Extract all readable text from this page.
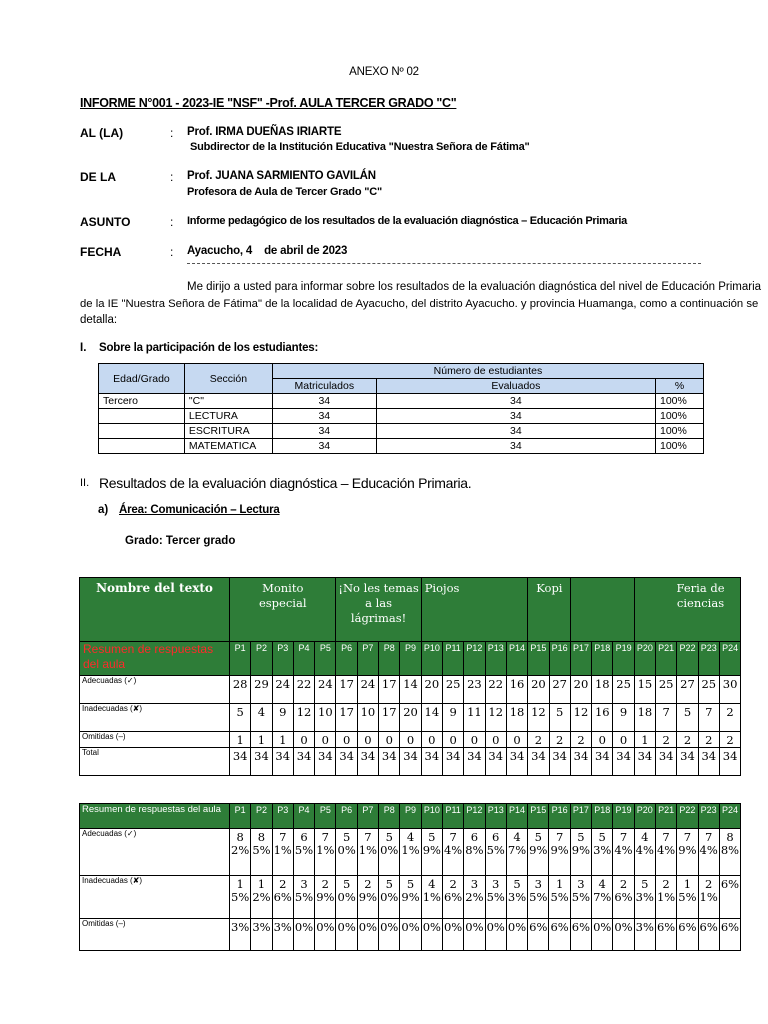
ANEXO Nº 02
INFORME N°001 - 2023-IE "NSF" -Prof. AULA TERCER GRADO "C"
AL (LA)	: Prof. IRMA DUEÑAS IRIARTE
Subdirector de la Institución Educativa "Nuestra Señora de Fátima"
DE LA	: Prof. JUANA SARMIENTO GAVILÁN
Profesora de Aula de Tercer Grado "C"
ASUNTO	: Informe pedagógico de los resultados de la evaluación diagnóstica – Educación Primaria
FECHA	: Ayacucho, 4    de abril de 2023
Me dirijo a usted para informar sobre los resultados de la evaluación diagnóstica del nivel de Educación Primaria
de la IE "Nuestra Señora de Fátima" de la localidad de Ayacucho, del distrito Ayacucho. y provincia Huamanga, como a continuación se
detalla:
I. Sobre la participación de los estudiantes:
Edad/Grado	Sección	Número de estudiantes		
		Matriculados	Evaluados	%
Tercero	"C"	34	34	100%
	LECTURA	34	34	100%
	ESCRITURA	34	34	100%
	MATEMATICA	34	34	100%
II. Resultados de la evaluación diagnóstica – Educación Primaria.
a) Área: Comunicación – Lectura
Grado: Tercer grado
Nombre del texto	Monito especial					¡No les temas a las lágrimas!				Piojos					Kopi					Feria de ciencias				
Resumen de respuestas del aula	P1	P2	P3	P4	P5	P6	P7	P8	P9	P10	P11	P12	P13	P14	P15	P16	P17	P18	P19	P20	P21	P22	P23	P24

Adecuadas (✓)	28	29	24	22	24	17	24	17	14	20	25	23	22	16	20	27	20	18	25	15	25	27	25	30

Inadecuadas (✘)	5	4	9	12	10	17	10	17	20	14	9	11	12	18	12	5	12	16	9	18	7	5	7	2

Omitidas (–)	1	1	1	0	0	0	0	0	0	0	0	0	0	0	2	2	2	0	0	1	2	2	2	2

Total	34	34	34	34	34	34	34	34	34	34	34	34	34	34	34	34	34	34	34	34	34	34	34	34
Resumen de respuestas del aula	P1	P2	P3	P4	P5	P6	P7	P8	P9	P10	P11	P12	P13	P14	P15	P16	P17	P18	P19	P20	P21	P22	P23	P24

Adecuadas (✓)	82%	85%	71%	65%	71%	50%	71%	50%	41%	59%	74%	68%	65%	47%	59%	79%	59%	53%	74%	44%	74%	79%	74%	88%

Inadecuadas (✘)	15%	12%	26%	35%	29%	50%	29%	50%	59%	41%	26%	32%	35%	53%	35%	15%	35%	47%	26%	53%	21%	15%	21%	6%

Omitidas (–)	3%	3%	3%	0%	0%	0%	0%	0%	0%	0%	0%	0%	0%	0%	6%	6%	6%	0%	0%	3%	6%	6%	6%	6%
